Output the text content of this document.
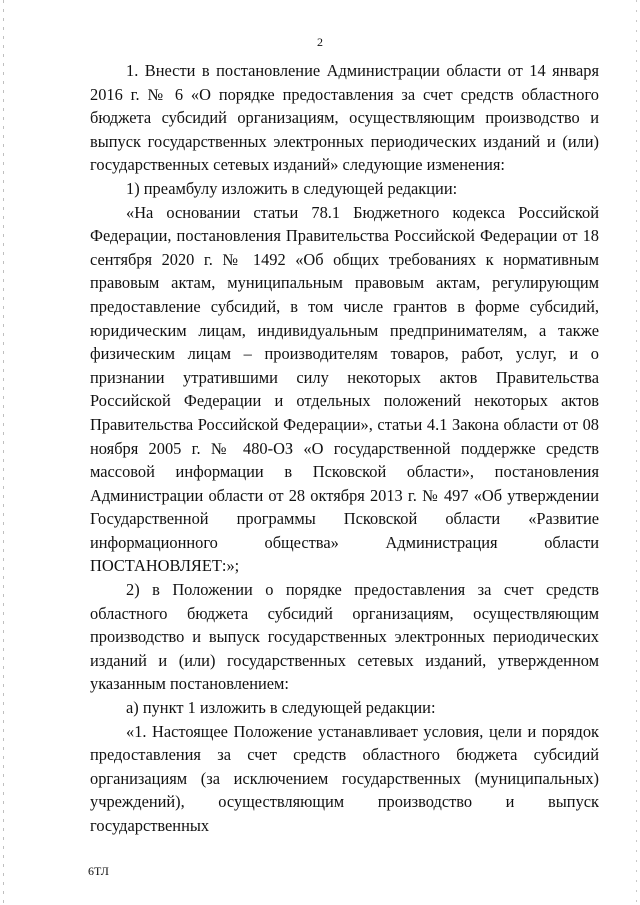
2

1. Внести в постановление Администрации области от 14 января 2016 г. № 6 «О порядке предоставления за счет средств областного бюджета субсидий организациям, осуществляющим производство и выпуск государственных электронных периодических изданий и (или) государственных сетевых изданий» следующие изменения:

1) преамбулу изложить в следующей редакции:

«На основании статьи 78.1 Бюджетного кодекса Российской Федерации, постановления Правительства Российской Федерации от 18 сентября 2020 г. № 1492 «Об общих требованиях к нормативным правовым актам, муниципальным правовым актам, регулирующим предоставление субсидий, в том числе грантов в форме субсидий, юридическим лицам, индивидуальным предпринимателям, а также физическим лицам – производителям товаров, работ, услуг, и о признании утратившими силу некоторых актов Правительства Российской Федерации и отдельных положений некоторых актов Правительства Российской Федерации», статьи 4.1 Закона области от 08 ноября 2005 г. № 480-ОЗ «О государственной поддержке средств массовой информации в Псковской области», постановления Администрации области от 28 октября 2013 г. № 497 «Об утверждении Государственной программы Псковской области «Развитие информационного общества» Администрация области ПОСТАНОВЛЯЕТ:»;

2) в Положении о порядке предоставления за счет средств областного бюджета субсидий организациям, осуществляющим производство и выпуск государственных электронных периодических изданий и (или) государственных сетевых изданий, утвержденном указанным постановлением:

а) пункт 1 изложить в следующей редакции:

«1. Настоящее Положение устанавливает условия, цели и порядок предоставления за счет средств областного бюджета субсидий организациям (за исключением государственных (муниципальных) учреждений), осуществляющим производство и выпуск государственных

6ТЛ
